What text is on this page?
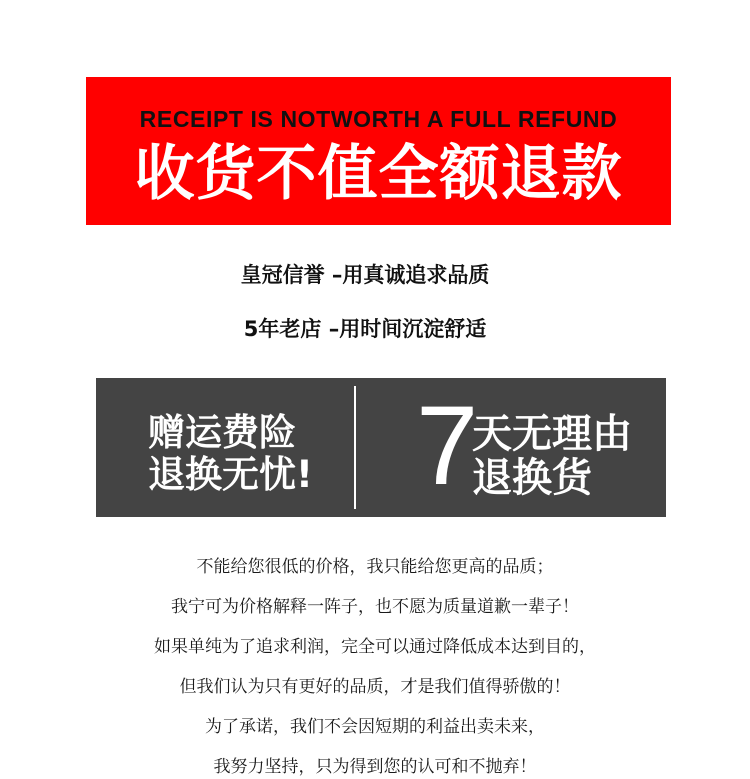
RECEIPT IS NOTWORTH A FULL REFUND
收货不值全额退款
皇冠信誉 –用真诚追求品质
5年老店 –用时间沉淀舒适
赠运费险
退换无忧! 7
天无理由
退换货
不能给您很低的价格，我只能给您更高的品质；
我宁可为价格解释一阵子，也不愿为质量道歉一辈子！
如果单纯为了追求利润，完全可以通过降低成本达到目的，
但我们认为只有更好的品质，才是我们值得骄傲的！
为了承诺，我们不会因短期的利益出卖未来，
我努力坚持，只为得到您的认可和不抛弃！
